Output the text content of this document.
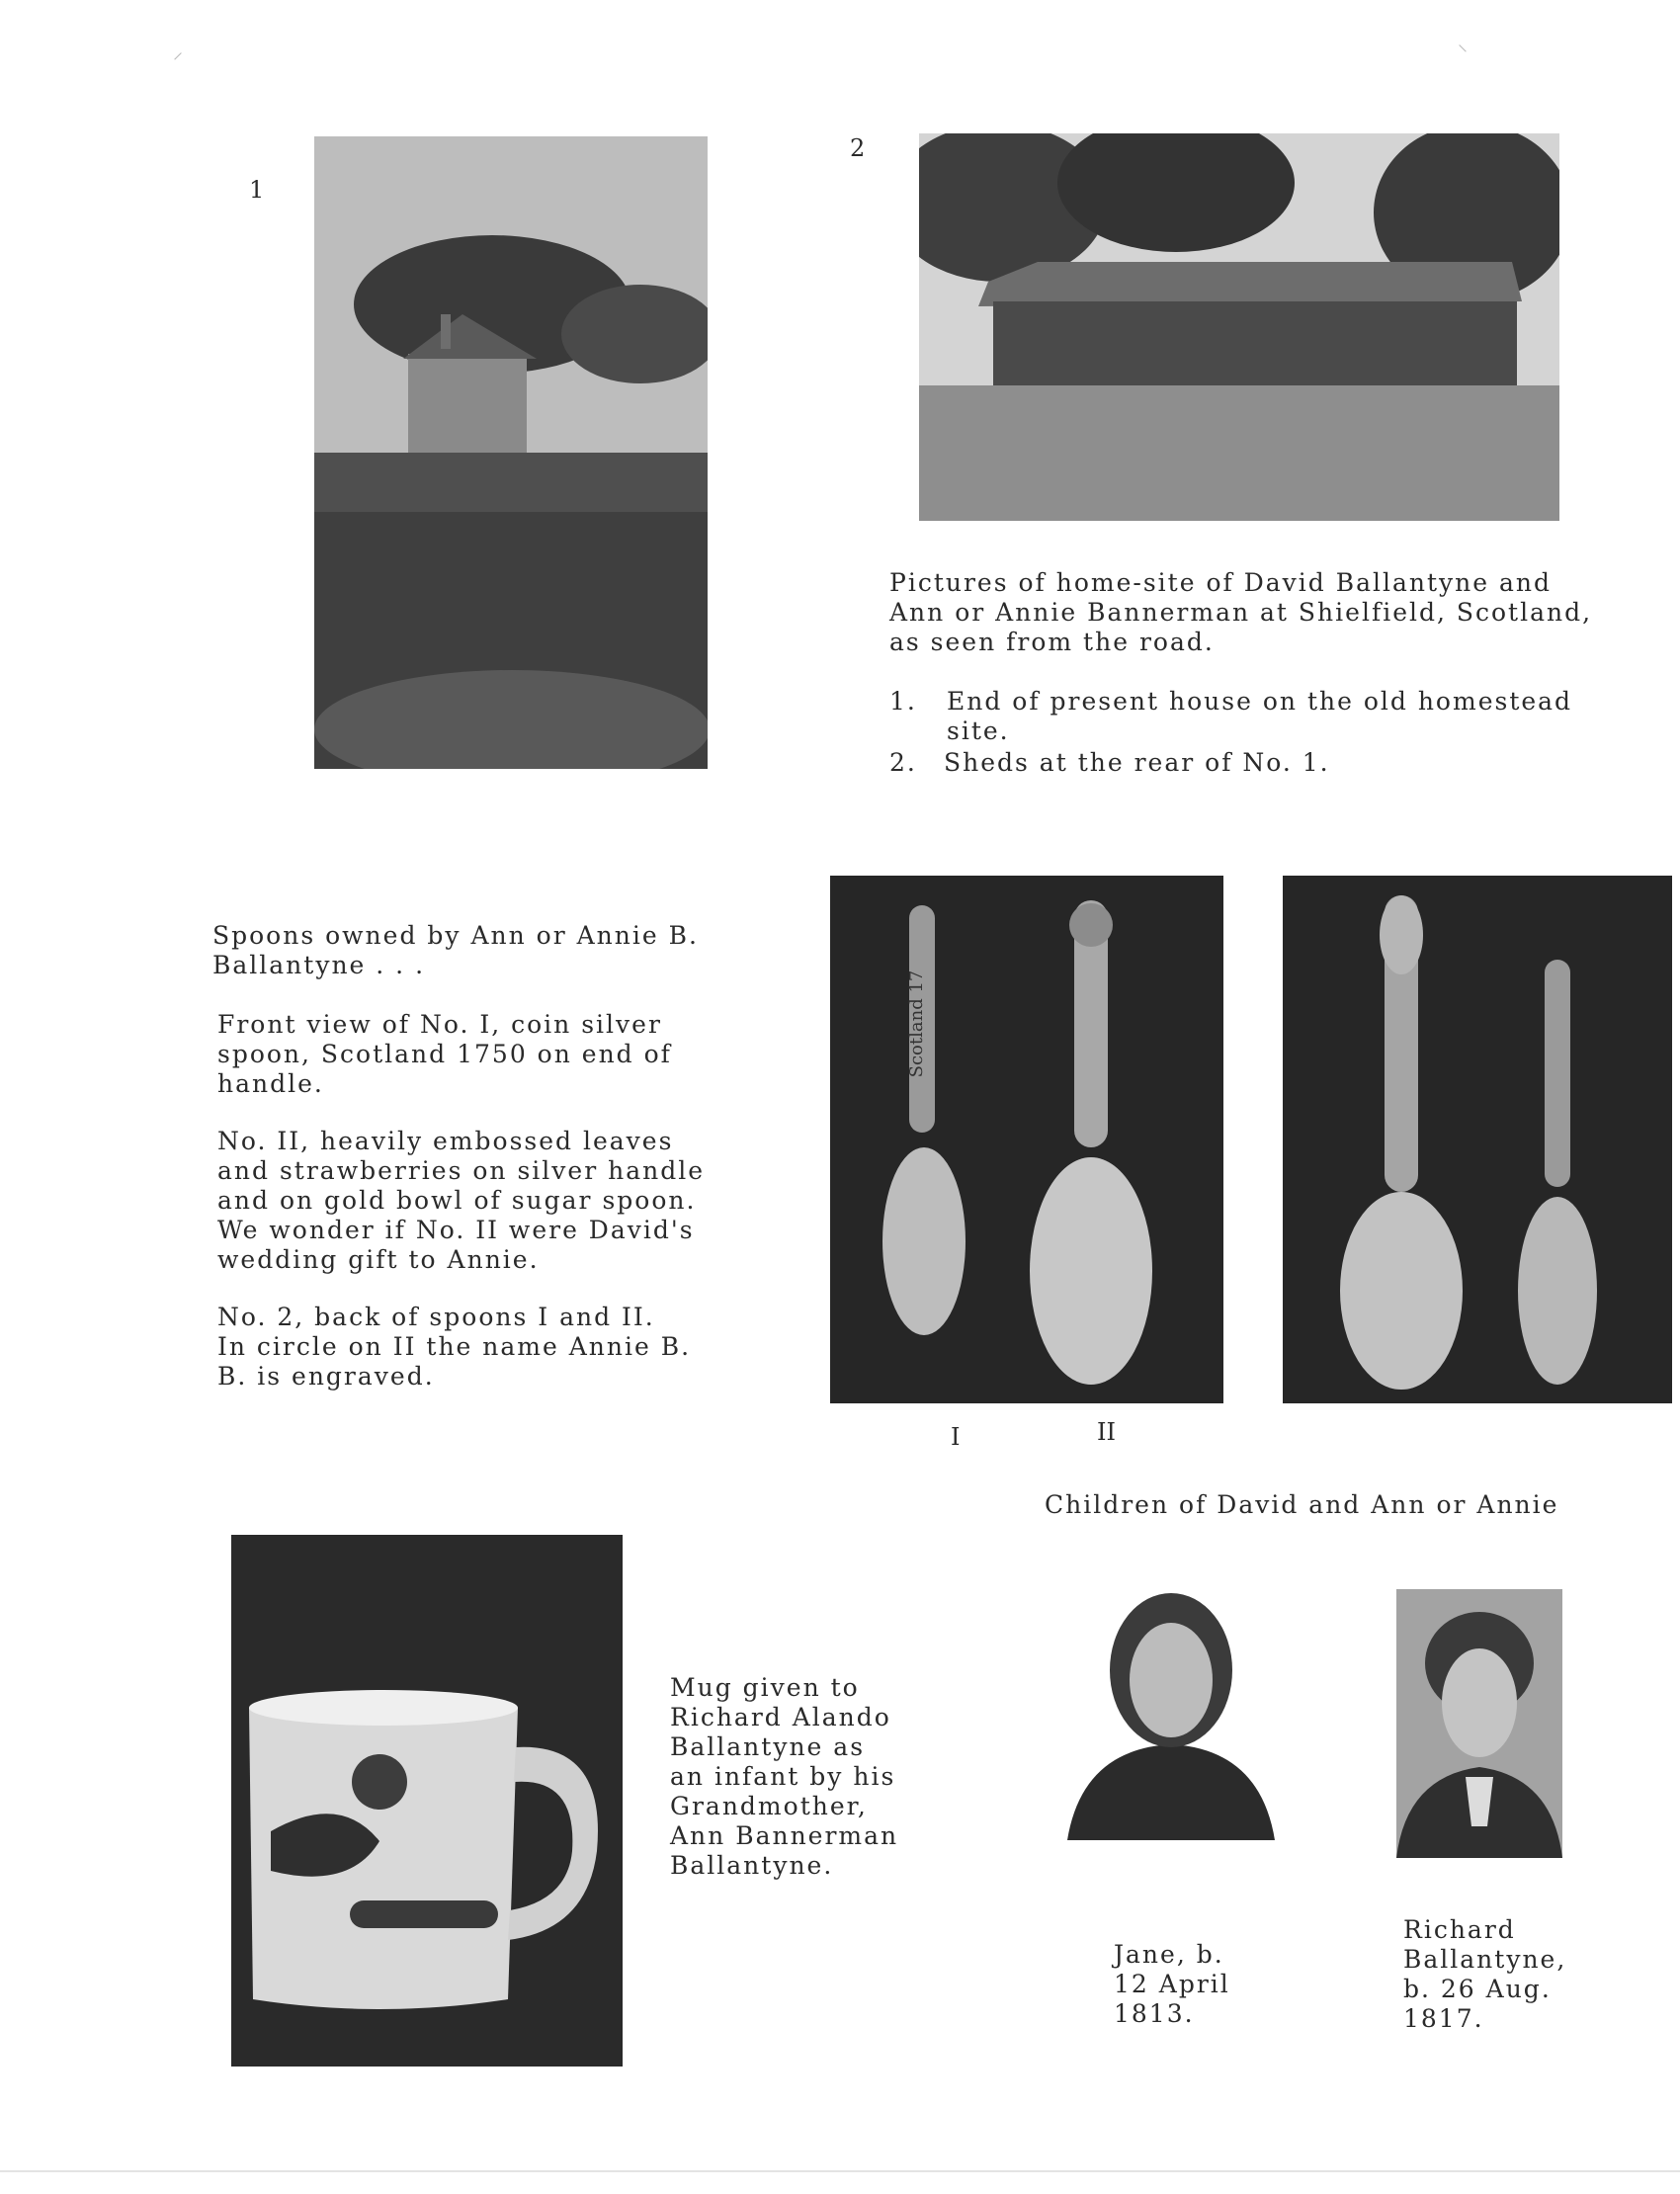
⸝	⸜
1
2
Pictures of home-site of David Ballantyne and
Ann or Annie Bannerman at Shielfield, Scotland,
as seen from the road.
1. End of present house on the old homestead
site.
2. Sheds at the rear of No. 1.
Spoons owned by Ann or Annie B.
Ballantyne . . .
Front view of No. I, coin silver
spoon, Scotland 1750 on end of
handle.
No. II, heavily embossed leaves
and strawberries on silver handle
and on gold bowl of sugar spoon.
We wonder if No. II were David's
wedding gift to Annie.
No. 2, back of spoons I and II.
In circle on II the name Annie B.
B. is engraved.
Scotland 17
I	II
Children of David and Ann or Annie
Mug given to
Richard Alando
Ballantyne as
an infant by his
Grandmother,
Ann Bannerman
Ballantyne.
Jane, b.
12 April
1813.
Richard
Ballantyne,
b. 26 Aug.
1817.
